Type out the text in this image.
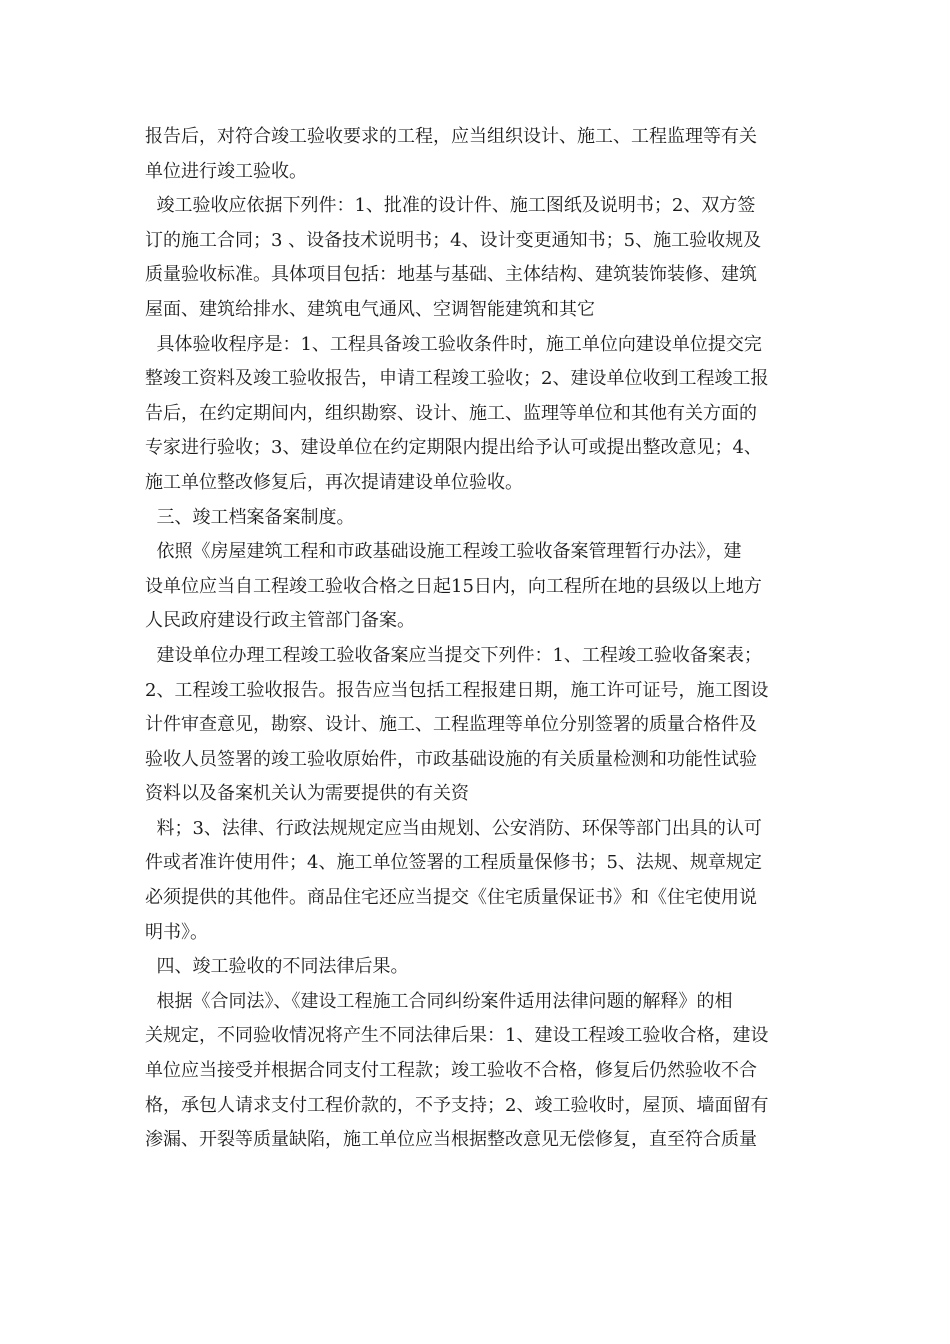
报告后，对符合竣工验收要求的工程，应当组织设计、施工、工程监理等有关
单位进行竣工验收。
竣工验收应依据下列件：1、批准的设计件、施工图纸及说明书；2、双方签
订的施工合同；3 、设备技术说明书；4、设计变更通知书；5、施工验收规及
质量验收标准。具体项目包括：地基与基础、主体结构、建筑装饰装修、建筑
屋面、建筑给排水、建筑电气通风、空调智能建筑和其它
具体验收程序是：1、工程具备竣工验收条件时，施工单位向建设单位提交完
整竣工资料及竣工验收报告，申请工程竣工验收；2、建设单位收到工程竣工报
告后，在约定期间内，组织勘察、设计、施工、监理等单位和其他有关方面的
专家进行验收；3、建设单位在约定期限内提出给予认可或提出整改意见；4、
施工单位整改修复后，再次提请建设单位验收。
三、竣工档案备案制度。
依照《房屋建筑工程和市政基础设施工程竣工验收备案管理暂行办法》，建
设单位应当自工程竣工验收合格之日起15日内，向工程所在地的县级以上地方
人民政府建设行政主管部门备案。
建设单位办理工程竣工验收备案应当提交下列件：1、工程竣工验收备案表；
2、工程竣工验收报告。报告应当包括工程报建日期，施工许可证号，施工图设
计件审查意见，勘察、设计、施工、工程监理等单位分别签署的质量合格件及
验收人员签署的竣工验收原始件，市政基础设施的有关质量检测和功能性试验
资料以及备案机关认为需要提供的有关资
料；3、法律、行政法规规定应当由规划、公安消防、环保等部门出具的认可
件或者准许使用件；4、施工单位签署的工程质量保修书；5、法规、规章规定
必须提供的其他件。商品住宅还应当提交《住宅质量保证书》和《住宅使用说
明书》。
四、竣工验收的不同法律后果。
根据《合同法》、《建设工程施工合同纠纷案件适用法律问题的解释》的相
关规定，不同验收情况将产生不同法律后果：1、建设工程竣工验收合格，建设
单位应当接受并根据合同支付工程款；竣工验收不合格，修复后仍然验收不合
格，承包人请求支付工程价款的，不予支持；2、竣工验收时，屋顶、墙面留有
渗漏、开裂等质量缺陷，施工单位应当根据整改意见无偿修复，直至符合质量
